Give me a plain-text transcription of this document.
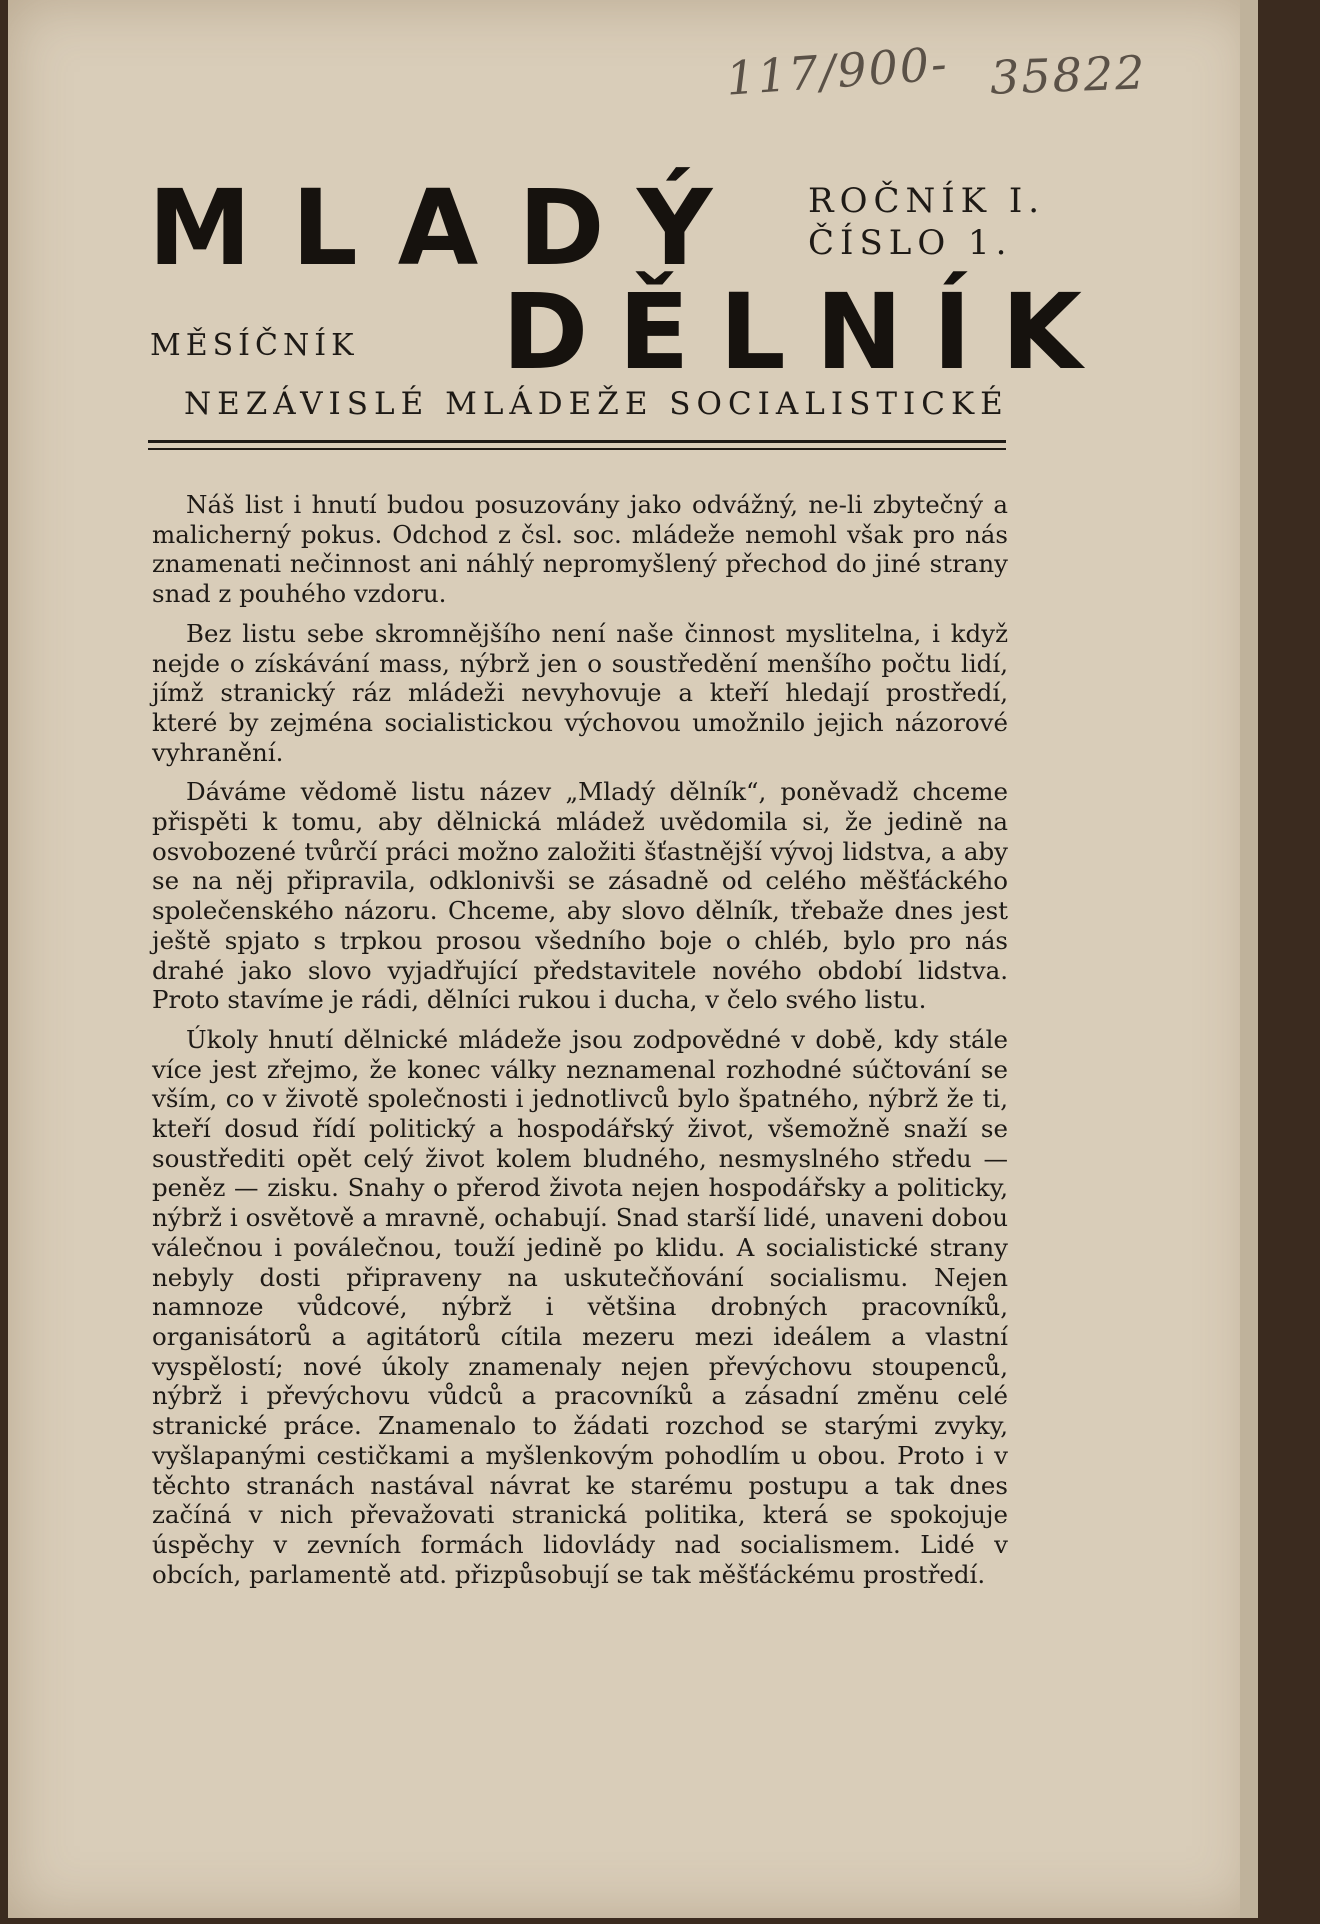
117/900- 35822
MLADÝ ROČNÍK I.
ČÍSLO 1.
MĚSÍČNÍK DĚLNÍK
NEZÁVISLÉ MLÁDEŽE SOCIALISTICKÉ

Náš list i hnutí budou posuzovány jako odvážný, ne-li zbytečný a malicherný pokus. Odchod z čsl. soc. mládeže nemohl však pro nás znamenati nečinnost ani náhlý nepromyšlený přechod do jiné strany snad z pouhého vzdoru.

Bez listu sebe skromnějšího není naše činnost myslitelna, i když nejde o získávání mass, nýbrž jen o soustředění menšího počtu lidí, jímž stranický ráz mládeži nevyhovuje a kteří hledají prostředí, které by zejména socialistickou výchovou umožnilo jejich názorové vyhranění.

Dáváme vědomě listu název „Mladý dělník“, poněvadž chceme přispěti k tomu, aby dělnická mládež uvědomila si, že jedině na osvobozené tvůrčí práci možno založiti šťastnější vývoj lidstva, a aby se na něj připravila, odklonivši se zásadně od celého měšťáckého společenského názoru. Chceme, aby slovo dělník, třebaže dnes jest ještě spjato s trpkou prosou všedního boje o chléb, bylo pro nás drahé jako slovo vyjadřující představitele nového období lidstva. Proto stavíme je rádi, dělníci rukou i ducha, v čelo svého listu.

Úkoly hnutí dělnické mládeže jsou zodpovědné v době, kdy stále více jest zřejmo, že konec války neznamenal rozhodné súčtování se vším, co v životě společnosti i jednotlivců bylo špatného, nýbrž že ti, kteří dosud řídí politický a hospodářský život, všemožně snaží se soustřediti opět celý život kolem bludného, nesmyslného středu — peněz — zisku. Snahy o přerod života nejen hospodářsky a politicky, nýbrž i osvětově a mravně, ochabují. Snad starší lidé, unaveni dobou válečnou i poválečnou, touží jedině po klidu. A socialistické strany nebyly dosti připraveny na uskutečňování socialismu. Nejen namnoze vůdcové, nýbrž i většina drobných pracovníků, organisátorů a agitátorů cítila mezeru mezi ideálem a vlastní vyspělostí; nové úkoly znamenaly nejen převýchovu stoupenců, nýbrž i převýchovu vůdců a pracovníků a zásadní změnu celé stranické práce. Znamenalo to žádati rozchod se starými zvyky, vyšlapanými cestičkami a myšlenkovým pohodlím u obou. Proto i v těchto stranách nastával návrat ke starému postupu a tak dnes začíná v nich převažovati stranická politika, která se spokojuje úspěchy v zevních formách lidovlády nad socialismem. Lidé v obcích, parlamentě atd. přizpůsobují se tak měšťáckému prostředí.
